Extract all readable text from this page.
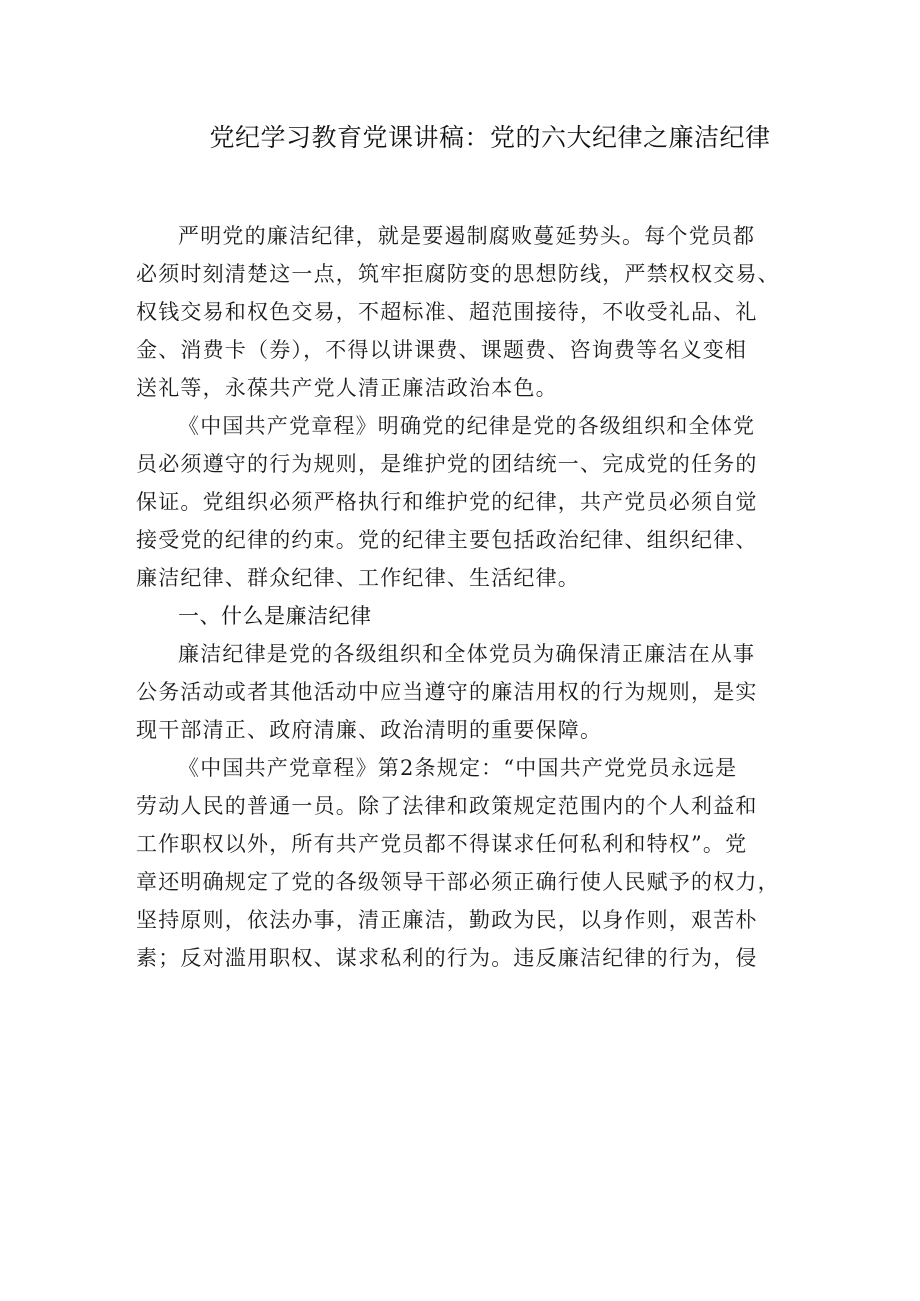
党纪学习教育党课讲稿：党的六大纪律之廉洁纪律

严明党的廉洁纪律，就是要遏制腐败蔓延势头。每个党员都
必须时刻清楚这一点，筑牢拒腐防变的思想防线，严禁权权交易、
权钱交易和权色交易，不超标准、超范围接待，不收受礼品、礼
金、消费卡（券），不得以讲课费、课题费、咨询费等名义变相
送礼等，永葆共产党人清正廉洁政治本色。

《中国共产党章程》明确党的纪律是党的各级组织和全体党
员必须遵守的行为规则，是维护党的团结统一、完成党的任务的
保证。党组织必须严格执行和维护党的纪律，共产党员必须自觉
接受党的纪律的约束。党的纪律主要包括政治纪律、组织纪律、
廉洁纪律、群众纪律、工作纪律、生活纪律。

一、什么是廉洁纪律

廉洁纪律是党的各级组织和全体党员为确保清正廉洁在从事
公务活动或者其他活动中应当遵守的廉洁用权的行为规则，是实
现干部清正、政府清廉、政治清明的重要保障。

《中国共产党章程》第2条规定：“中国共产党党员永远是
劳动人民的普通一员。除了法律和政策规定范围内的个人利益和
工作职权以外，所有共产党员都不得谋求任何私利和特权”。党
章还明确规定了党的各级领导干部必须正确行使人民赋予的权力，
坚持原则，依法办事，清正廉洁，勤政为民，以身作则，艰苦朴
素；反对滥用职权、谋求私利的行为。违反廉洁纪律的行为，侵
